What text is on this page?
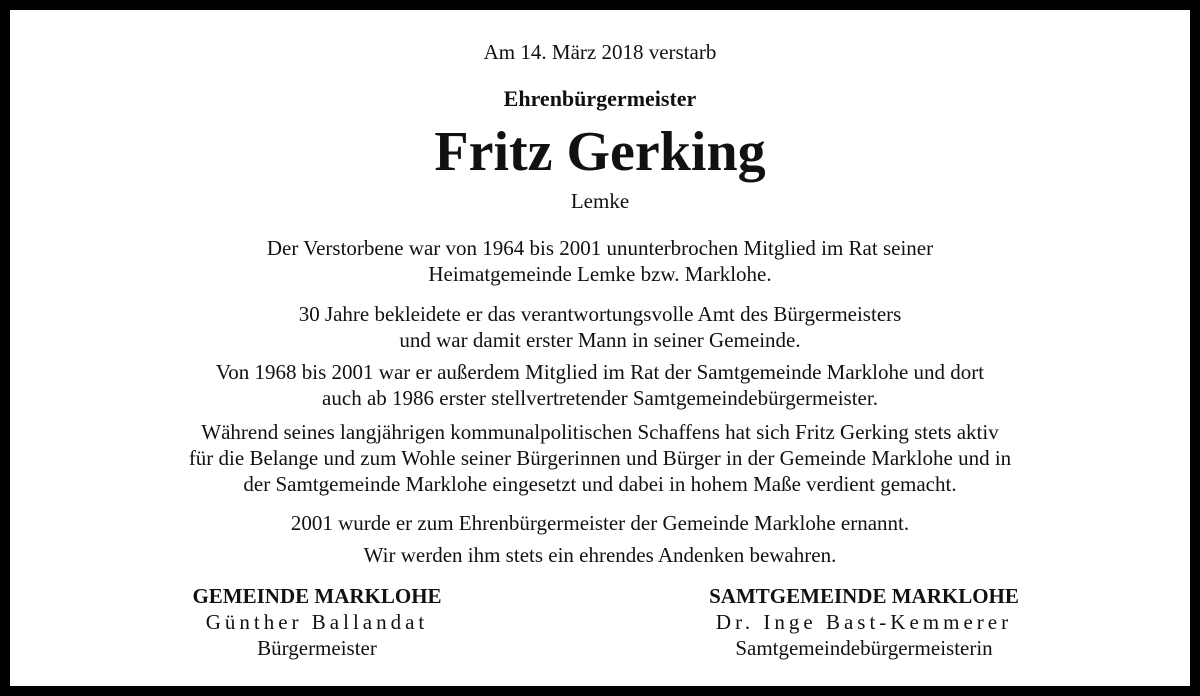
Am 14. März 2018 verstarb
Ehrenbürgermeister
Fritz Gerking
Lemke
Der Verstorbene war von 1964 bis 2001 ununterbrochen Mitglied im Rat seiner
Heimatgemeinde Lemke bzw. Marklohe.
30 Jahre bekleidete er das verantwortungsvolle Amt des Bürgermeisters
und war damit erster Mann in seiner Gemeinde.
Von 1968 bis 2001 war er außerdem Mitglied im Rat der Samtgemeinde Marklohe und dort
auch ab 1986 erster stellvertretender Samtgemeindebürgermeister.
Während seines langjährigen kommunalpolitischen Schaffens hat sich Fritz Gerking stets aktiv
für die Belange und zum Wohle seiner Bürgerinnen und Bürger in der Gemeinde Marklohe und in
der Samtgemeinde Marklohe eingesetzt und dabei in hohem Maße verdient gemacht.
2001 wurde er zum Ehrenbürgermeister der Gemeinde Marklohe ernannt.
Wir werden ihm stets ein ehrendes Andenken bewahren.
GEMEINDE MARKLOHE
Günther Ballandat
Bürgermeister
SAMTGEMEINDE MARKLOHE
Dr. Inge Bast-Kemmerer
Samtgemeindebürgermeisterin
